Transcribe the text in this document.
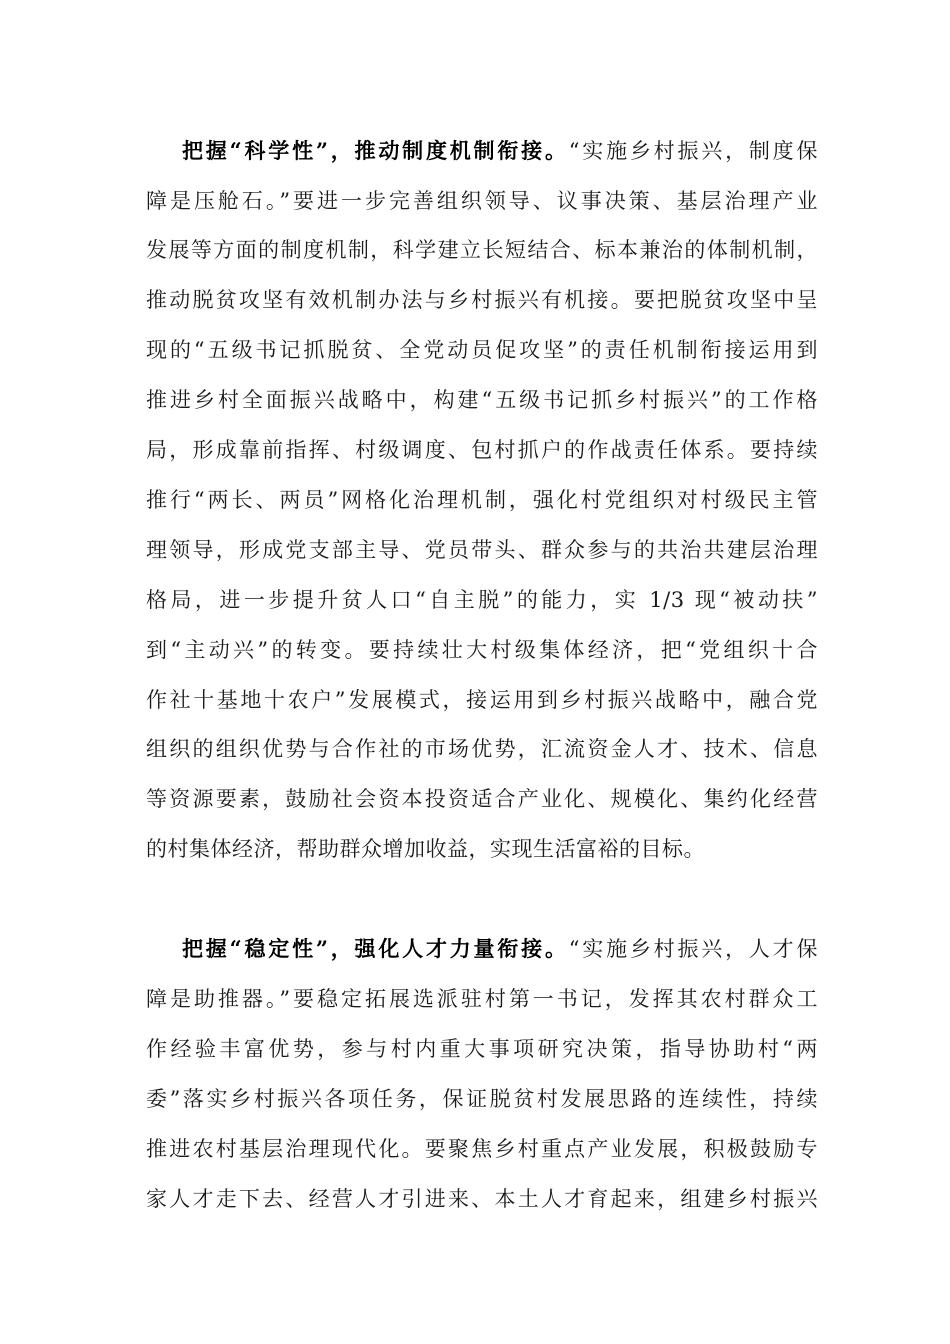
把握“科学性”，推动制度机制衔接。“实施乡村振兴，制度保
障是压舱石。”要进一步完善组织领导、议事决策、基层治理产业
发展等方面的制度机制，科学建立长短结合、标本兼治的体制机制，
推动脱贫攻坚有效机制办法与乡村振兴有机接。要把脱贫攻坚中呈
现的“五级书记抓脱贫、全党动员促攻坚”的责任机制衔接运用到
推进乡村全面振兴战略中，构建“五级书记抓乡村振兴”的工作格
局，形成靠前指挥、村级调度、包村抓户的作战责任体系。要持续
推行“两长、两员”网格化治理机制，强化村党组织对村级民主管
理领导，形成党支部主导、党员带头、群众参与的共治共建层治理
格局，进一步提升贫人口“自主脱”的能力，实 1/3 现“被动扶”
到“主动兴”的转变。要持续壮大村级集体经济，把“党组织十合
作社十基地十农户”发展模式，接运用到乡村振兴战略中，融合党
组织的组织优势与合作社的市场优势，汇流资金人才、技术、信息
等资源要素，鼓励社会资本投资适合产业化、规模化、集约化经营
的村集体经济，帮助群众增加收益，实现生活富裕的目标。
把握“稳定性”，强化人才力量衔接。“实施乡村振兴，人才保
障是助推器。”要稳定拓展选派驻村第一书记，发挥其农村群众工
作经验丰富优势，参与村内重大事项研究决策，指导协助村“两
委”落实乡村振兴各项任务，保证脱贫村发展思路的连续性，持续
推进农村基层治理现代化。要聚焦乡村重点产业发展，积极鼓励专
家人才走下去、经营人才引进来、本土人才育起来，组建乡村振兴
